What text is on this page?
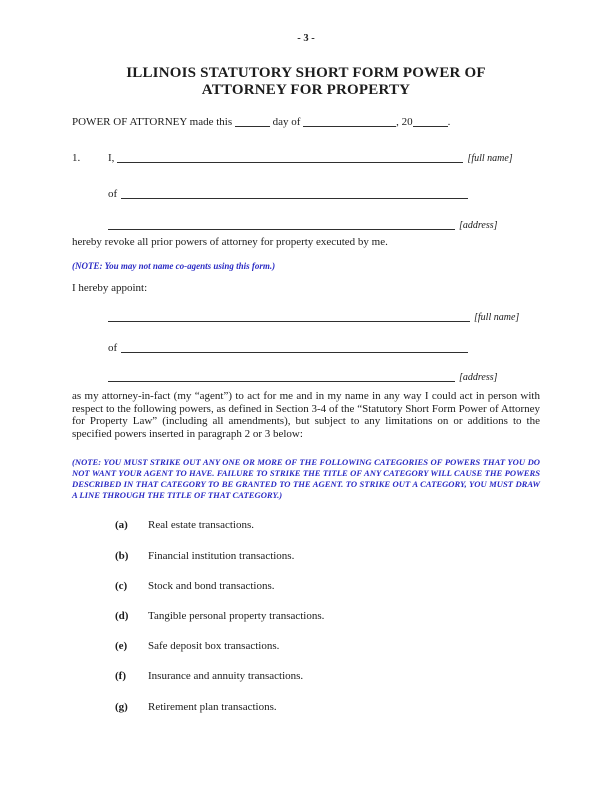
- 3 -
ILLINOIS STATUTORY SHORT FORM POWER OF
ATTORNEY FOR PROPERTY
POWER OF ATTORNEY made this	day of	, 20	.
1.	I,	[full name]
of
[address]
hereby revoke all prior powers of attorney for property executed by me.
(NOTE: You may not name co-agents using this form.)
I hereby appoint:
[full name]
of
[address]
as my attorney-in-fact (my “agent”) to act for me and in my name in any way I could act in person with respect to the following powers, as defined in Section 3-4 of the “Statutory Short Form Power of Attorney for Property Law” (including all amendments), but subject to any limitations on or additions to the specified powers inserted in paragraph 2 or 3 below:
(NOTE: YOU MUST STRIKE OUT ANY ONE OR MORE OF THE FOLLOWING CATEGORIES OF POWERS THAT YOU DO NOT WANT YOUR AGENT TO HAVE. FAILURE TO STRIKE THE TITLE OF ANY CATEGORY WILL CAUSE THE POWERS DESCRIBED IN THAT CATEGORY TO BE GRANTED TO THE AGENT. TO STRIKE OUT A CATEGORY, YOU MUST DRAW A LINE THROUGH THE TITLE OF THAT CATEGORY.)
(a) Real estate transactions.
(b) Financial institution transactions.
(c) Stock and bond transactions.
(d) Tangible personal property transactions.
(e) Safe deposit box transactions.
(f) Insurance and annuity transactions.
(g) Retirement plan transactions.
